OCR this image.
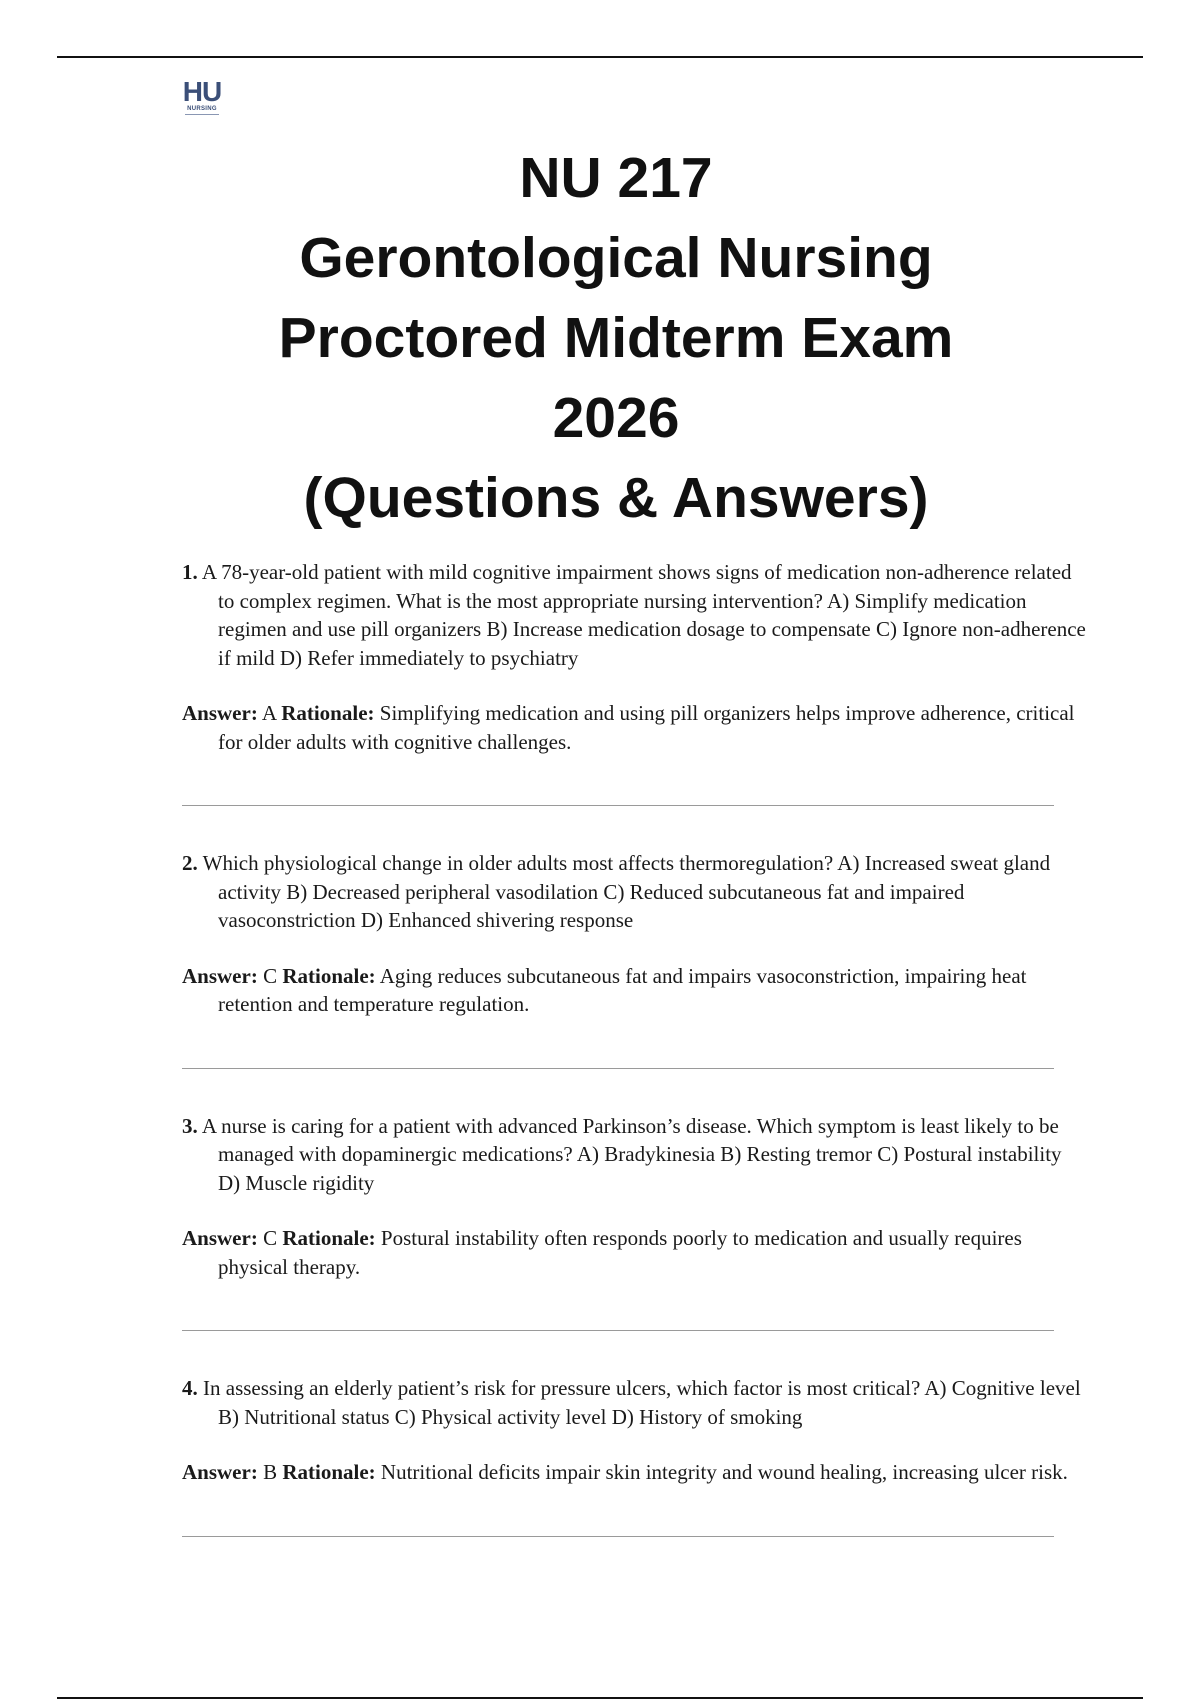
HU
NURSING
NU 217
Gerontological Nursing
Proctored Midterm Exam
2026
(Questions & Answers)

1. A 78-year-old patient with mild cognitive impairment shows signs of medication non-adherence related to complex regimen. What is the most appropriate nursing intervention? A) Simplify medication regimen and use pill organizers B) Increase medication dosage to compensate C) Ignore non-adherence if mild D) Refer immediately to psychiatry

Answer: A Rationale: Simplifying medication and using pill organizers helps improve adherence, critical for older adults with cognitive challenges.

2. Which physiological change in older adults most affects thermoregulation? A) Increased sweat gland activity B) Decreased peripheral vasodilation C) Reduced subcutaneous fat and impaired vasoconstriction D) Enhanced shivering response

Answer: C Rationale: Aging reduces subcutaneous fat and impairs vasoconstriction, impairing heat retention and temperature regulation.

3. A nurse is caring for a patient with advanced Parkinson’s disease. Which symptom is least likely to be managed with dopaminergic medications? A) Bradykinesia B) Resting tremor C) Postural instability D) Muscle rigidity

Answer: C Rationale: Postural instability often responds poorly to medication and usually requires physical therapy.

4. In assessing an elderly patient’s risk for pressure ulcers, which factor is most critical? A) Cognitive level B) Nutritional status C) Physical activity level D) History of smoking

Answer: B Rationale: Nutritional deficits impair skin integrity and wound healing, increasing ulcer risk.
